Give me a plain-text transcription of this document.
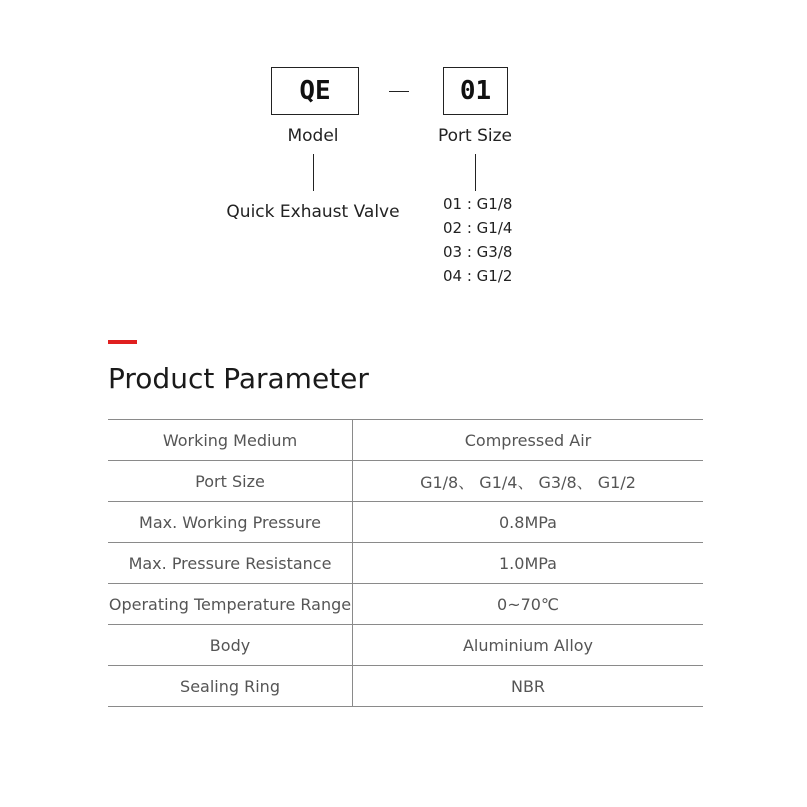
QE	01
Model	Port Size
Quick Exhaust Valve	01 : G1/8
02 : G1/4
03 : G3/8
04 : G1/2
Product Parameter
Working Medium	Compressed Air
Port Size	G1/8、 G1/4、 G3/8、 G1/2
Max. Working Pressure	0.8MPa
Max. Pressure Resistance	1.0MPa
Operating Temperature Range	0~70℃
Body	Aluminium Alloy
Sealing Ring	NBR
